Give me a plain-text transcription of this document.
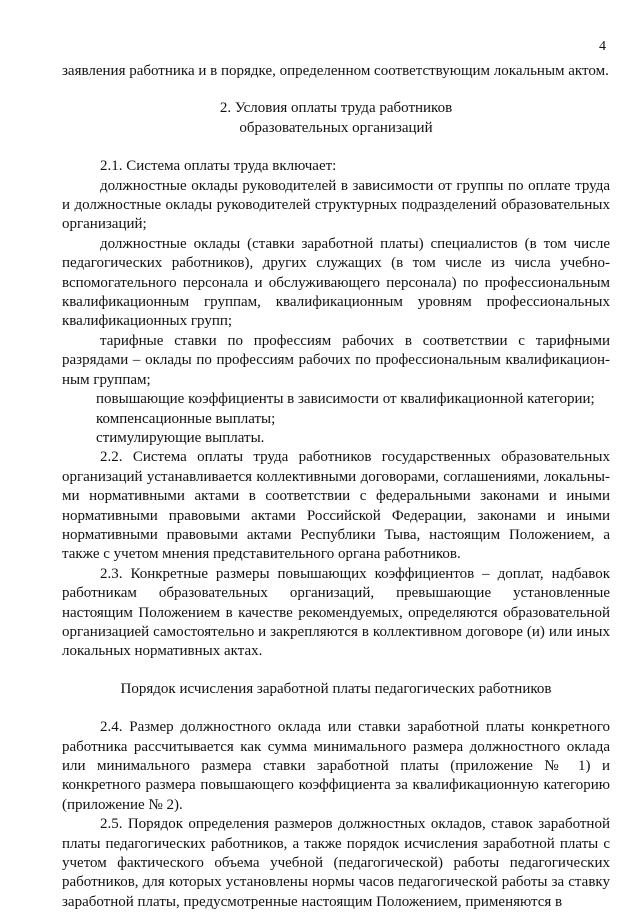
4

заявления работника и в порядке, определенном соответствующим локальным актом.

2. Условия оплаты труда работников
образовательных организаций

2.1. Система оплаты труда включает:

должностные оклады руководителей в зависимости от группы по оплате труда и должностные оклады руководителей структурных подразделений образовательных организаций;

должностные оклады (ставки заработной платы) специалистов (в том числе педагогических работников), других служащих (в том числе из числа учебно-вспомогательного персонала и обслуживающего персонала) по профессиональным квалификационным группам, квалификационным уровням профессиональных квалификационных групп;

тарифные ставки по профессиям рабочих в соответствии с тарифными разрядами – оклады по профессиям рабочих по профессиональным квалификационным группам;

повышающие коэффициенты в зависимости от квалификационной категории;

компенсационные выплаты;

стимулирующие выплаты.

2.2. Система оплаты труда работников государственных образовательных организаций устанавливается коллективными договорами, соглашениями, локальными нормативными актами в соответствии с федеральными законами и иными нормативными правовыми актами Российской Федерации, законами и иными нормативными правовыми актами Республики Тыва, настоящим Положением, а также с учетом мнения представительного органа работников.

2.3. Конкретные размеры повышающих коэффициентов – доплат, надбавок работникам образовательных организаций, превышающие установленные настоящим Положением в качестве рекомендуемых, определяются образовательной организацией самостоятельно и закрепляются в коллективном договоре (и) или иных локальных нормативных актах.

Порядок исчисления заработной платы педагогических работников

2.4. Размер должностного оклада или ставки заработной платы конкретного работника рассчитывается как сумма минимального размера должностного оклада или минимального размера ставки заработной платы (приложение № 1) и конкретного размера повышающего коэффициента за квалификационную категорию (приложение № 2).

2.5. Порядок определения размеров должностных окладов, ставок заработной платы педагогических работников, а также порядок исчисления заработной платы с учетом фактического объема учебной (педагогической) работы педагогических работников, для которых установлены нормы часов педагогической работы за ставку заработной платы, предусмотренные настоящим Положением, применяются в
